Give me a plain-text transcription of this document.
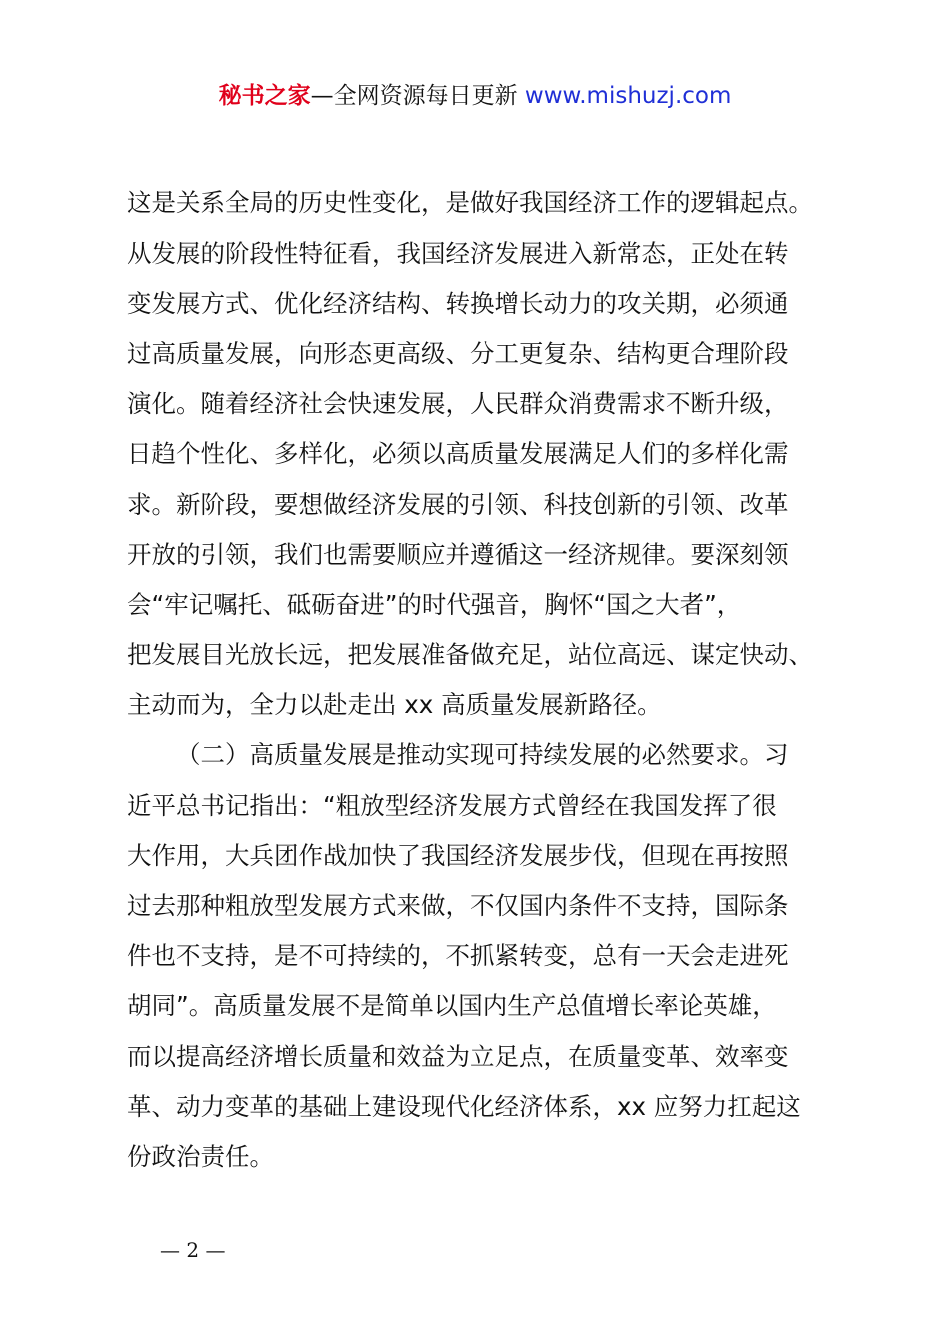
秘书之家—全网资源每日更新 www.mishuzj.com
这是关系全局的历史性变化，是做好我国经济工作的逻辑起点。
从发展的阶段性特征看，我国经济发展进入新常态，正处在转
变发展方式、优化经济结构、转换增长动力的攻关期，必须通
过高质量发展，向形态更高级、分工更复杂、结构更合理阶段
演化。随着经济社会快速发展，人民群众消费需求不断升级，
日趋个性化、多样化，必须以高质量发展满足人们的多样化需
求。新阶段，要想做经济发展的引领、科技创新的引领、改革
开放的引领，我们也需要顺应并遵循这一经济规律。要深刻领
会“牢记嘱托、砥砺奋进”的时代强音，胸怀“国之大者”，
把发展目光放长远，把发展准备做充足，站位高远、谋定快动、
主动而为，全力以赴走出 xx 高质量发展新路径。
（二）高质量发展是推动实现可持续发展的必然要求。习
近平总书记指出：“粗放型经济发展方式曾经在我国发挥了很
大作用，大兵团作战加快了我国经济发展步伐，但现在再按照
过去那种粗放型发展方式来做，不仅国内条件不支持，国际条
件也不支持，是不可持续的，不抓紧转变，总有一天会走进死
胡同”。高质量发展不是简单以国内生产总值增长率论英雄，
而以提高经济增长质量和效益为立足点，在质量变革、效率变
革、动力变革的基础上建设现代化经济体系，xx 应努力扛起这
份政治责任。
— 2 —
